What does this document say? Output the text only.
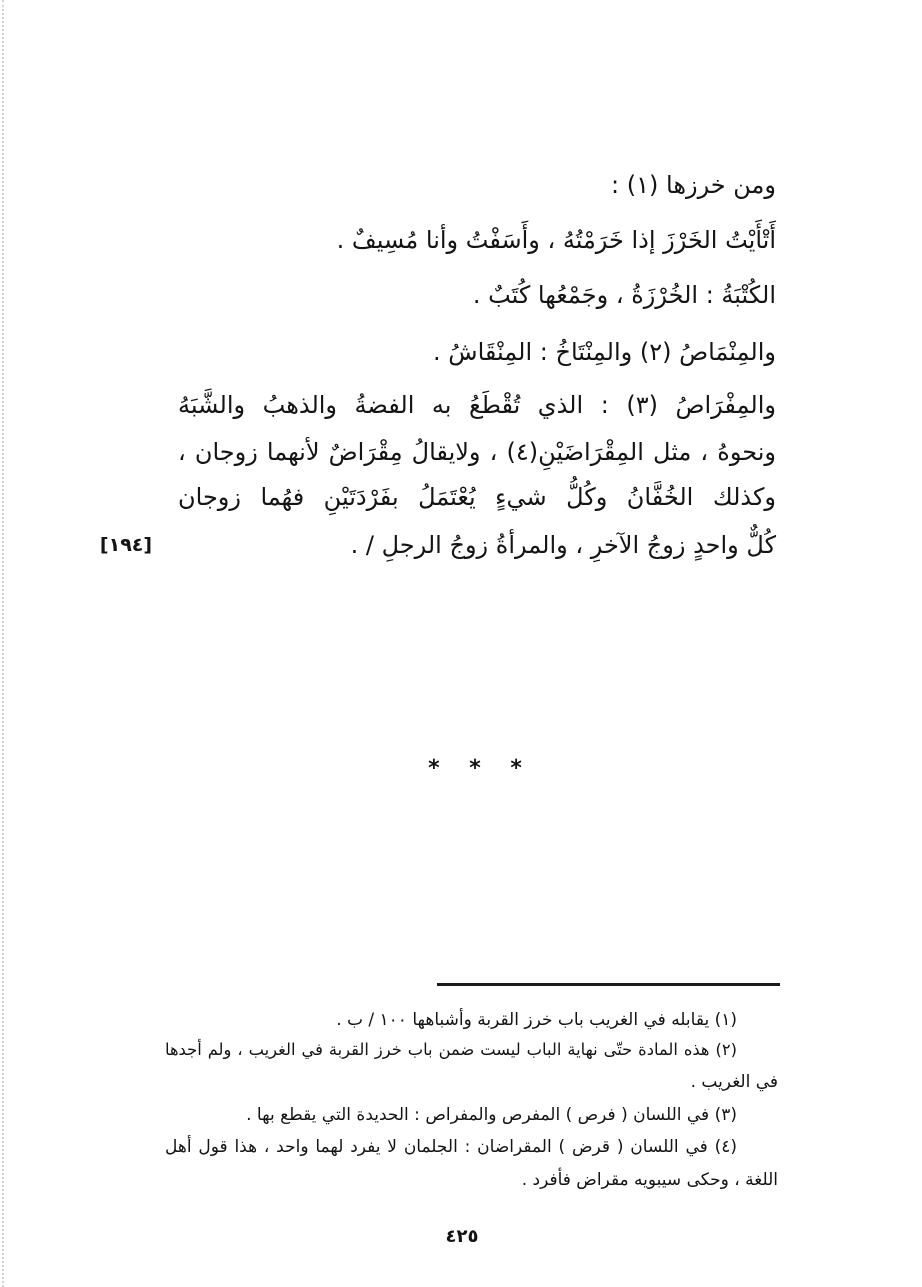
ومن خرزها (١) :
أَتْأَيْتُ الخَرْزَ إذا خَرَمْتُهُ ، وأَسَفْتُ وأنا مُسِيفٌ .
الكُتْبَةُ : الخُرْزَةُ ، وجَمْعُها كُتَبٌ .
والمِنْمَاصُ (٢) والمِنْتَاخُ : المِنْقَاشُ .
والمِفْرَاصُ (٣) : الذي تُقْطَعُ به الفضةُ والذهبُ والشَّبَهُ
ونحوهُ ، مثل المِقْرَاضَيْنِ(٤) ، ولايقالُ مِقْرَاضٌ لأنهما زوجان ،
وكذلك الخُفَّانُ وكُلُّ شيءٍ يُعْتَمَلُ بفَرْدَتَيْنِ فهُما زوجان
كُلٌّ واحدٍ زوجُ الآخرِ ، والمرأةُ زوجُ الرجلِ / .
[١٩٤]
* * *
(١) يقابله في الغريب باب خرز القربة وأشباهها ١٠٠ / ب .
(٢) هذه المادة حتّى نهاية الباب ليست ضمن باب خرز القربة في الغريب ، ولم أجدها
في الغريب .
(٣) في اللسان ( فرص ) المفرص والمفراص : الحديدة التي يقطع بها .
(٤) في اللسان ( قرض ) المقراضان : الجلمان لا يفرد لهما واحد ، هذا قول أهل
اللغة ، وحكى سيبويه مقراض فأفرد .
٤٢٥
